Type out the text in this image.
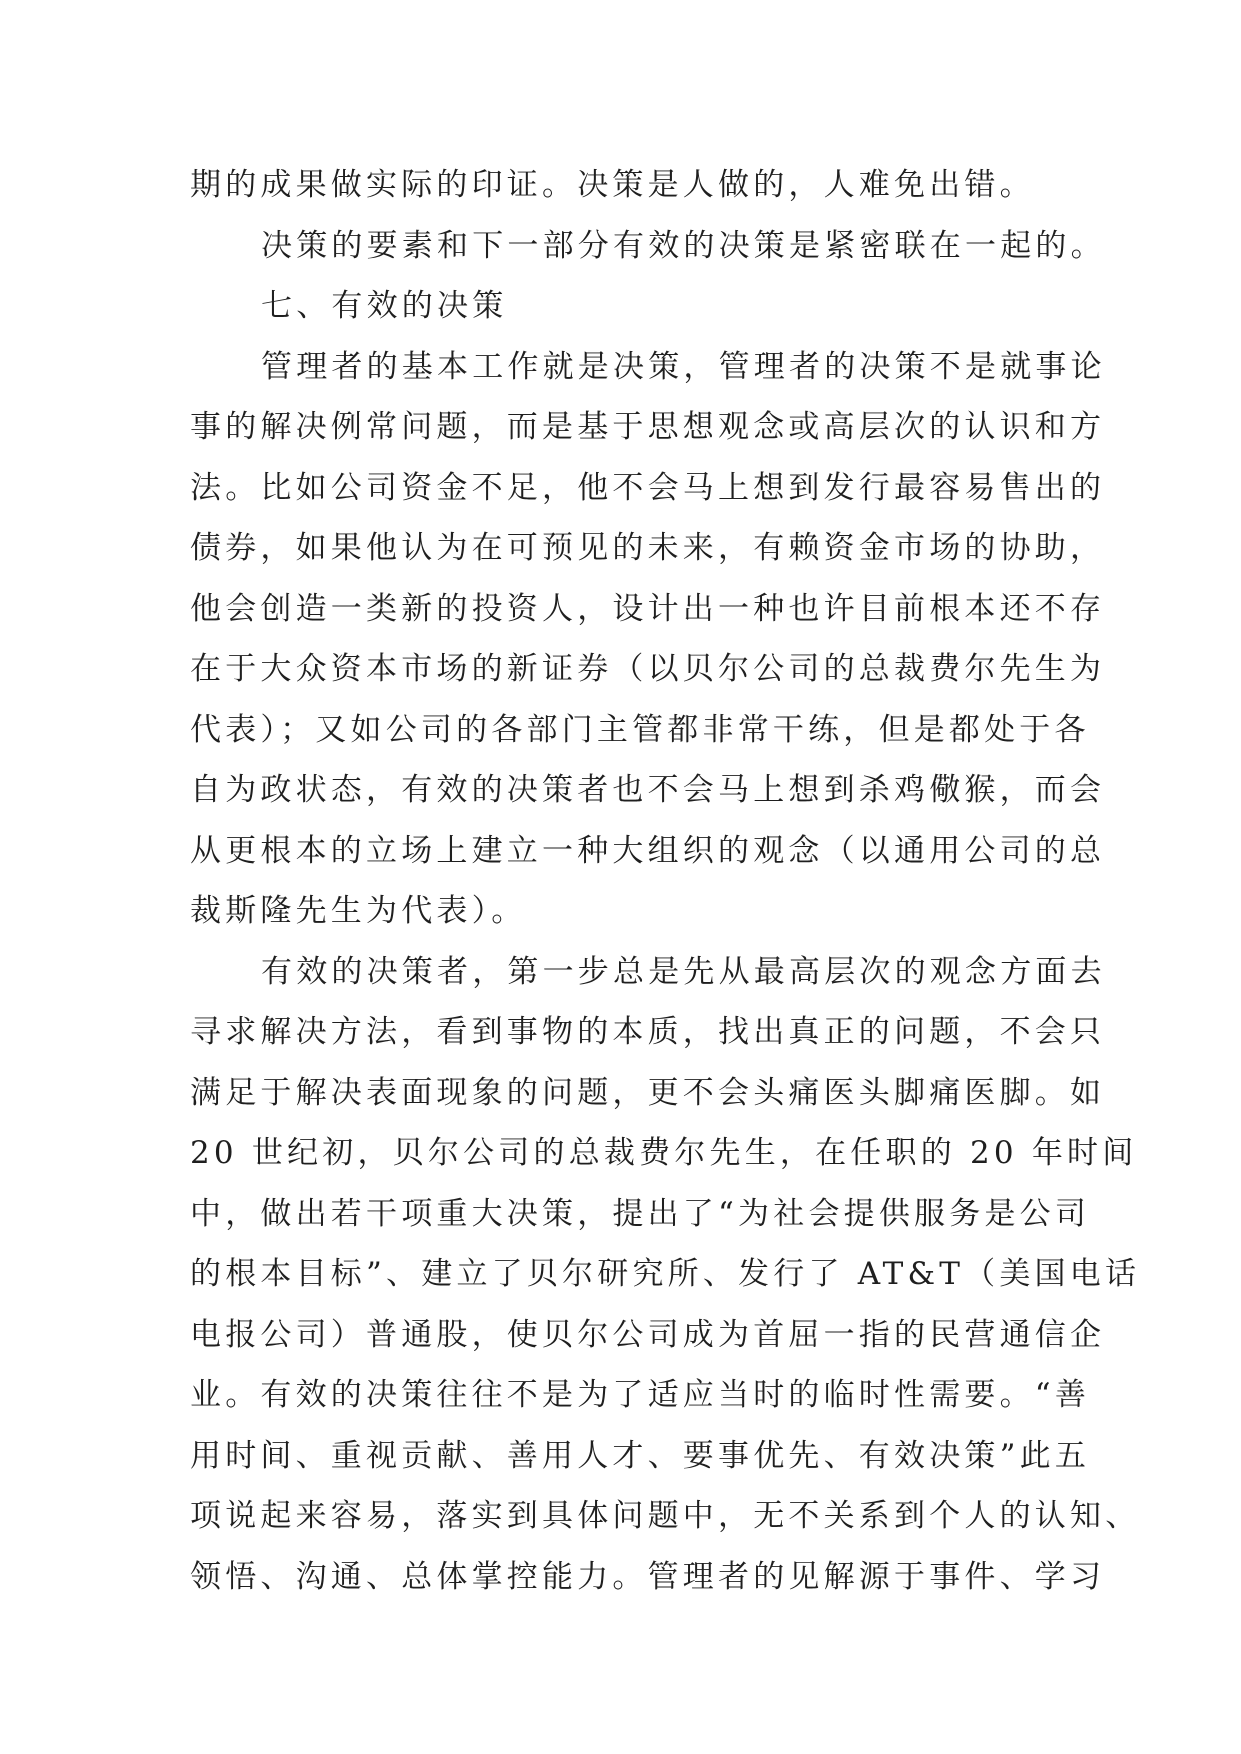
期的成果做实际的印证。决策是人做的，人难免出错。
决策的要素和下一部分有效的决策是紧密联在一起的。
七、有效的决策
管理者的基本工作就是决策，管理者的决策不是就事论
事的解决例常问题，而是基于思想观念或高层次的认识和方
法。比如公司资金不足，他不会马上想到发行最容易售出的
债券，如果他认为在可预见的未来，有赖资金市场的协助，
他会创造一类新的投资人，设计出一种也许目前根本还不存
在于大众资本市场的新证券（以贝尔公司的总裁费尔先生为
代表）；又如公司的各部门主管都非常干练，但是都处于各
自为政状态，有效的决策者也不会马上想到杀鸡儆猴，而会
从更根本的立场上建立一种大组织的观念（以通用公司的总
裁斯隆先生为代表）。
有效的决策者，第一步总是先从最高层次的观念方面去
寻求解决方法，看到事物的本质，找出真正的问题，不会只
满足于解决表面现象的问题，更不会头痛医头脚痛医脚。如
20 世纪初，贝尔公司的总裁费尔先生，在任职的 20 年时间
中，做出若干项重大决策，提出了“为社会提供服务是公司
的根本目标”、建立了贝尔研究所、发行了 AT&T（美国电话
电报公司）普通股，使贝尔公司成为首屈一指的民营通信企
业。有效的决策往往不是为了适应当时的临时性需要。“善
用时间、重视贡献、善用人才、要事优先、有效决策”此五
项说起来容易，落实到具体问题中，无不关系到个人的认知、
领悟、沟通、总体掌控能力。管理者的见解源于事件、学习
